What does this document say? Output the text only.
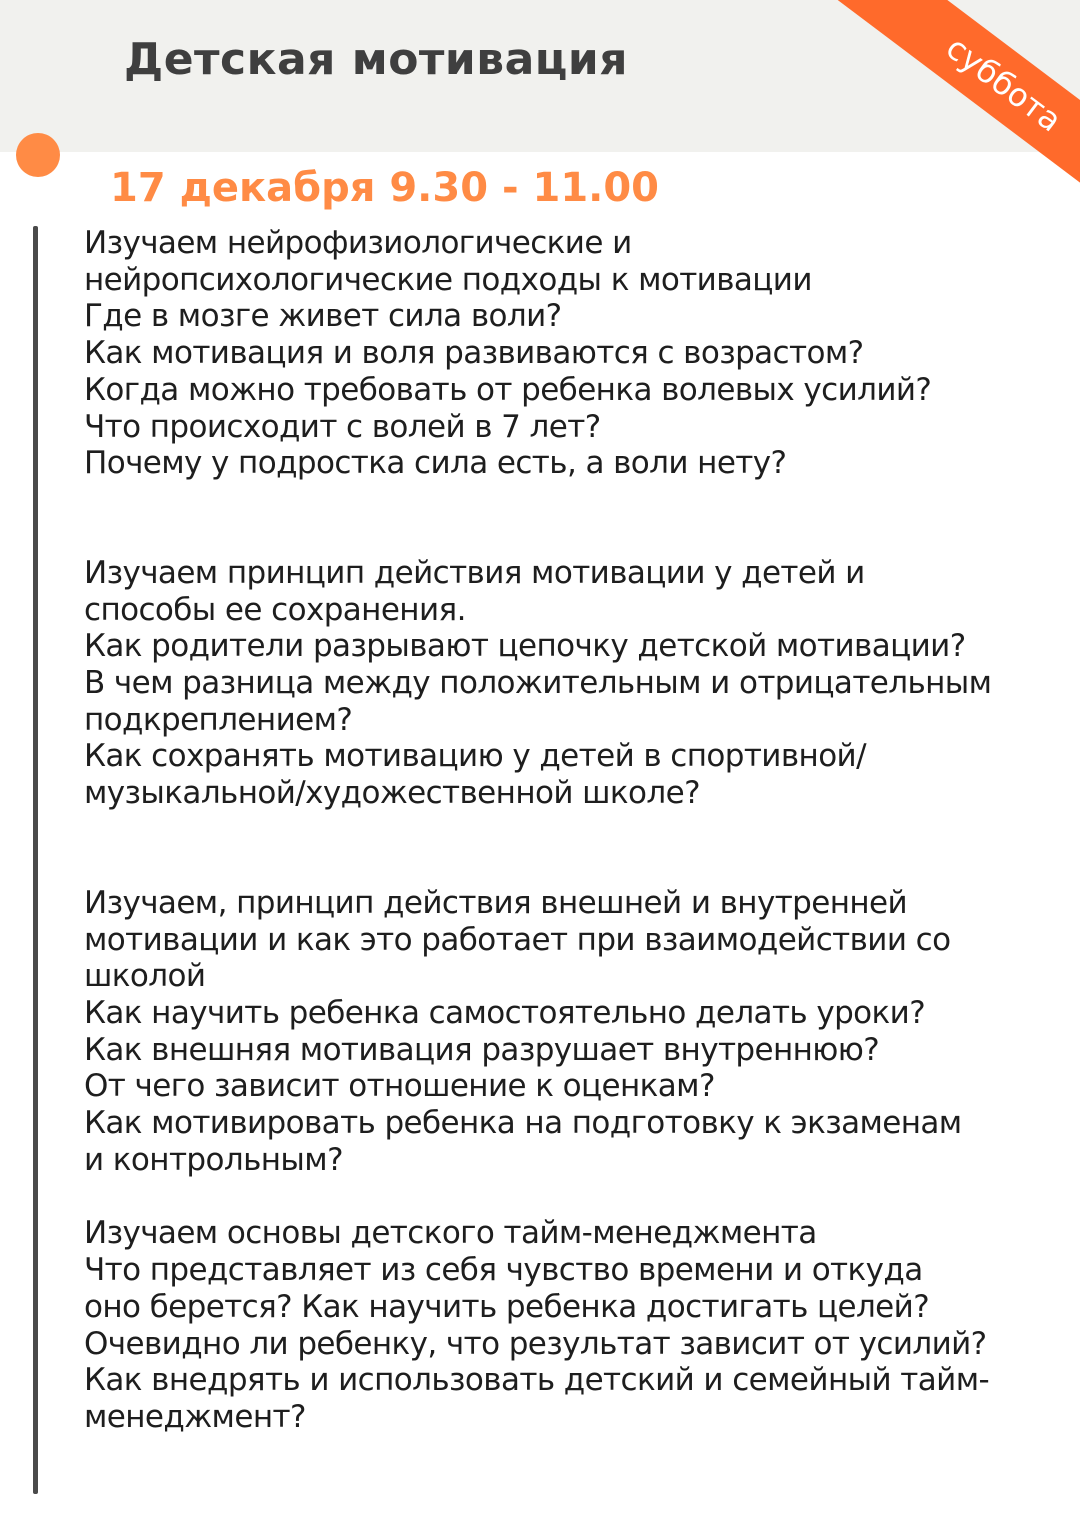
Детская мотивация	суббота
17 декабря 9.30 - 11.00

Изучаем нейрофизиологические и

нейропсихологические подходы к мотивации

Где в мозге живет сила воли?

Как мотивация и воля развиваются с возрастом?

Когда можно требовать от ребенка волевых усилий?

Что происходит с волей в 7 лет?

Почему у подростка сила есть, а воли нету?

Изучаем принцип действия мотивации у детей и

способы ее сохранения.

Как родители разрывают цепочку детской мотивации?

В чем разница между положительным и отрицательным

подкреплением?

Как сохранять мотивацию у детей в спортивной/

музыкальной/художественной школе?

Изучаем, принцип действия внешней и внутренней

мотивации и как это работает при взаимодействии со

школой

Как научить ребенка самостоятельно делать уроки?

Как внешняя мотивация разрушает внутреннюю?

От чего зависит отношение к оценкам?

Как мотивировать ребенка на подготовку к экзаменам

и контрольным?

Изучаем основы детского тайм-менеджмента

Что представляет из себя чувство времени и откуда

оно берется? Как научить ребенка достигать целей?

Очевидно ли ребенку, что результат зависит от усилий?

Как внедрять и использовать детский и семейный тайм-

менеджмент?
